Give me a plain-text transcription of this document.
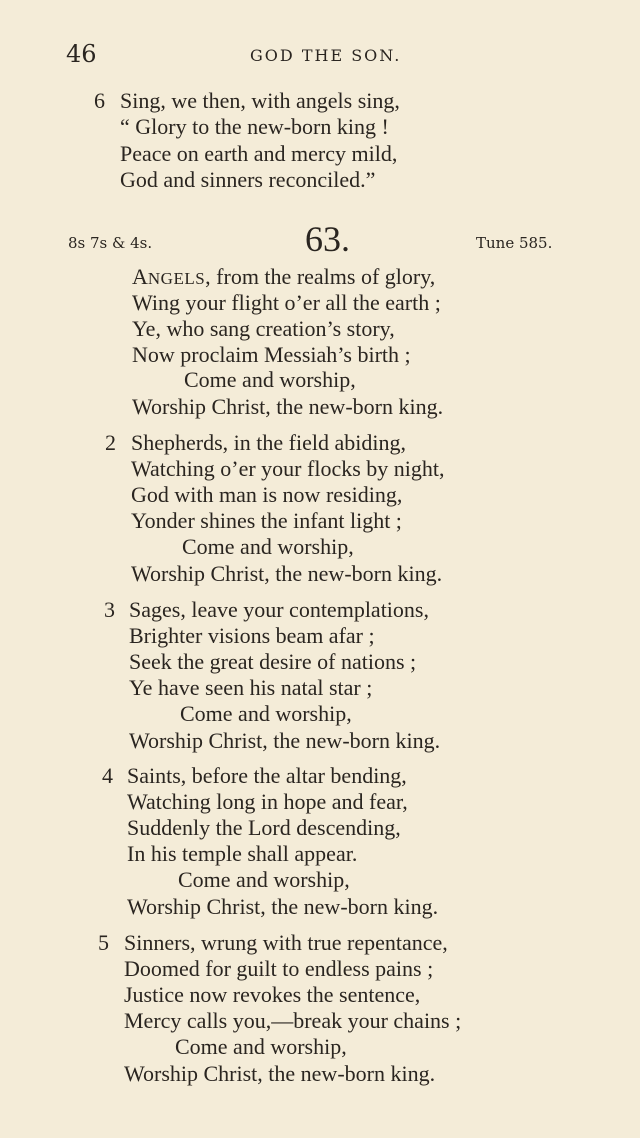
46	GOD THE SON.
6 Sing, we then, with angels sing,
“ Glory to the new-born king !
Peace on earth and mercy mild,
God and sinners reconciled.”
8s 7s & 4s.	63.	Tune 585.
ANGELS, from the realms of glory,
Wing your flight o’er all the earth ;
Ye, who sang creation’s story,
Now proclaim Messiah’s birth ;
Come and worship,
Worship Christ, the new-born king.
2 Shepherds, in the field abiding,
Watching o’er your flocks by night,
God with man is now residing,
Yonder shines the infant light ;
Come and worship,
Worship Christ, the new-born king.
3 Sages, leave your contemplations,
Brighter visions beam afar ;
Seek the great desire of nations ;
Ye have seen his natal star ;
Come and worship,
Worship Christ, the new-born king.
4 Saints, before the altar bending,
Watching long in hope and fear,
Suddenly the Lord descending,
In his temple shall appear.
Come and worship,
Worship Christ, the new-born king.
5 Sinners, wrung with true repentance,
Doomed for guilt to endless pains ;
Justice now revokes the sentence,
Mercy calls you,—break your chains ;
Come and worship,
Worship Christ, the new-born king.
